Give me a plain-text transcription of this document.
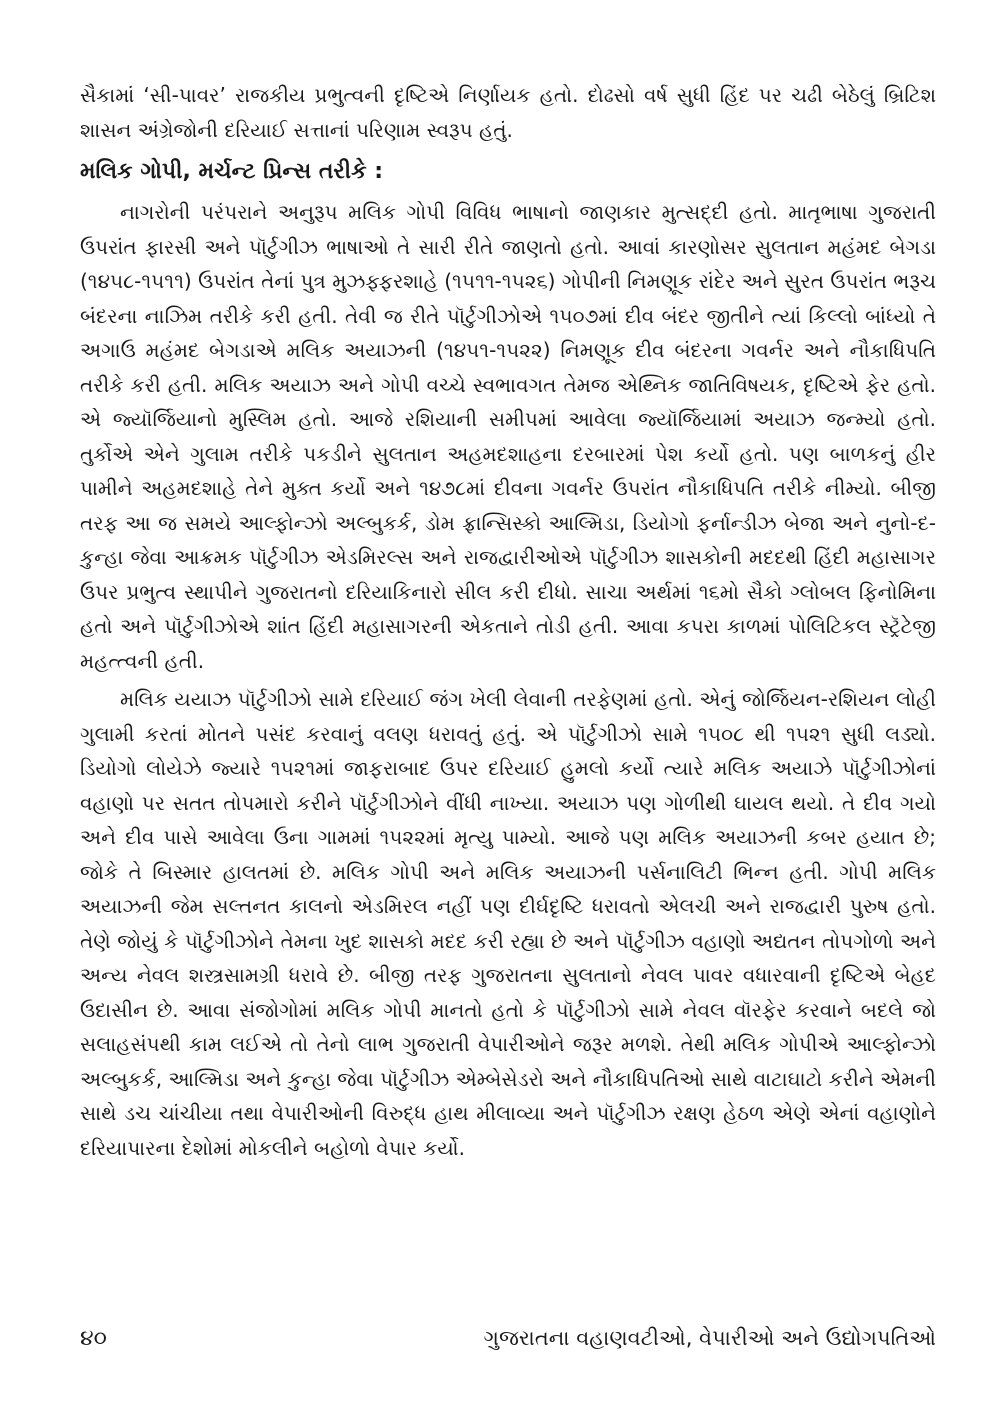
સૈકામાં ‘સી-પાવર’ રાજકીય પ્રભુત્વની દૃષ્ટિએ નિર્ણાયક હતો. દોઢસો વર્ષ સુધી હિંદ પર ચઢી બેઠેલું બ્રિટિશ શાસન અંગ્રેજોની દરિયાઈ સત્તાનાં પરિણામ સ્વરૂપ હતું.

મલિક ગોપી, મર્ચન્ટ પ્રિન્સ તરીકે :

નાગરોની પરંપરાને અનુરૂપ મલિક ગોપી વિવિધ ભાષાનો જાણકાર મુત્સદ્દી હતો. માતૃભાષા ગુજરાતી ઉપરાંત ફારસી અને પૉર્ટુગીઝ ભાષાઓ તે સારી રીતે જાણતો હતો. આવાં કારણોસર સુલતાન મહંમદ બેગડા (૧૪૫૮-૧૫૧૧) ઉપરાંત તેનાં પુત્ર મુઝફ્ફરશાહે (૧૫૧૧-૧૫૨૬) ગોપીની નિમણૂક રાંદેર અને સુરત ઉપરાંત ભરૂચ બંદરના નાઝિમ તરીકે કરી હતી. તેવી જ રીતે પૉર્ટુગીઝોએ ૧૫૦૭માં દીવ બંદર જીતીને ત્યાં કિલ્લો બાંધ્યો તે અગાઉ મહંમદ બેગડાએ મલિક અયાઝની (૧૪૫૧-૧૫૨૨) નિમણૂક દીવ બંદરના ગવર્નર અને નૌકાધિપતિ તરીકે કરી હતી. મલિક અયાઝ અને ગોપી વચ્ચે સ્વભાવગત તેમજ એથ્નિક જાતિવિષયક, દૃષ્ટિએ ફેર હતો. એ જ્યૉર્જિયાનો મુસ્લિમ હતો. આજે રશિયાની સમીપમાં આવેલા જ્યૉર્જિયામાં અયાઝ જન્મ્યો હતો. તુર્કોએ એને ગુલામ તરીકે પકડીને સુલતાન અહમદશાહના દરબારમાં પેશ કર્યો હતો. પણ બાળકનું હીર પામીને અહમદશાહે તેને મુક્ત કર્યો અને ૧૪૭૮માં દીવના ગવર્નર ઉપરાંત નૌકાધિપતિ તરીકે નીમ્યો. બીજી તરફ આ જ સમયે આલ્ફોન્ઝો અલ્બુકર્ક, ડોમ ફ્રાન્સિસ્કો આલ્મિડા, ડિયોગો ફર્નાન્ડીઝ બેજા અને નુનો-દ-કુન્હા જેવા આક્રમક પૉર્ટુગીઝ એડમિરલ્સ અને રાજદ્વારીઓએ પૉર્ટુગીઝ શાસકોની મદદથી હિંદી મહાસાગર ઉપર પ્રભુત્વ સ્થાપીને ગુજરાતનો દરિયાકિનારો સીલ કરી દીધો. સાચા અર્થમાં ૧૬મો સૈકો ગ્લોબલ ફિનોમિના હતો અને પૉર્ટુગીઝોએ શાંત હિંદી મહાસાગરની એકતાને તોડી હતી. આવા કપરા કાળમાં પોલિટિકલ સ્ટ્રૅટેજી મહત્ત્વની હતી.

મલિક યયાઝ પૉર્ટુગીઝો સામે દરિયાઈ જંગ ખેલી લેવાની તરફેણમાં હતો. એનું જોર્જિયન-રશિયન લોહી ગુલામી કરતાં મોતને પસંદ કરવાનું વલણ ધરાવતું હતું. એ પૉર્ટુગીઝો સામે ૧૫૦૮ થી ૧૫૨૧ સુધી લડ્યો. ડિયોગો લોયેઝે જ્યારે ૧૫૨૧માં જાફરાબાદ ઉપર દરિયાઈ હુમલો કર્યો ત્યારે મલિક અયાઝે પૉર્ટુગીઝોનાં વહાણો પર સતત તોપમારો કરીને પૉર્ટુગીઝોને વીંધી નાખ્યા. અયાઝ પણ ગોળીથી ઘાયલ થયો. તે દીવ ગયો અને દીવ પાસે આવેલા ઉના ગામમાં ૧૫૨૨માં મૃત્યુ પામ્યો. આજે પણ મલિક અયાઝની કબર હયાત છે; જોકે તે બિસ્માર હાલતમાં છે. મલિક ગોપી અને મલિક અયાઝની પર્સનાલિટી ભિન્ન હતી. ગોપી મલિક અયાઝની જેમ સલ્તનત કાલનો એડમિરલ નહીં પણ દીર્ઘદૃષ્ટિ ધરાવતો એલચી અને રાજદ્વારી પુરુષ હતો. તેણે જોયું કે પૉર્ટુગીઝોને તેમના ખુદ શાસકો મદદ કરી રહ્યા છે અને પૉર્ટુગીઝ વહાણો અદ્યતન તોપગોળો અને અન્ય નેવલ શસ્ત્રસામગ્રી ધરાવે છે. બીજી તરફ ગુજરાતના સુલતાનો નેવલ પાવર વધારવાની દૃષ્ટિએ બેહદ ઉદાસીન છે. આવા સંજોગોમાં મલિક ગોપી માનતો હતો કે પૉર્ટુગીઝો સામે નેવલ વૉરફેર કરવાને બદલે જો સલાહસંપથી કામ લઈએ તો તેનો લાભ ગુજરાતી વેપારીઓને જરૂર મળશે. તેથી મલિક ગોપીએ આલ્ફોન્ઝો અલ્બુકર્ક, આલ્મિડા અને કુન્હા જેવા પૉર્ટુગીઝ એમ્બેસેડરો અને નૌકાધિપતિઓ સાથે વાટાઘાટો કરીને એમની સાથે ડચ ચાંચીયા તથા વેપારીઓની વિરુદ્ધ હાથ મીલાવ્યા અને પૉર્ટુગીઝ રક્ષણ હેઠળ એણે એનાં વહાણોને દરિયાપારના દેશોમાં મોકલીને બહોળો વેપાર કર્યો.

૪૦	ગુજરાતના વહાણવટીઓ, વેપારીઓ અને ઉદ્યોગપતિઓ
